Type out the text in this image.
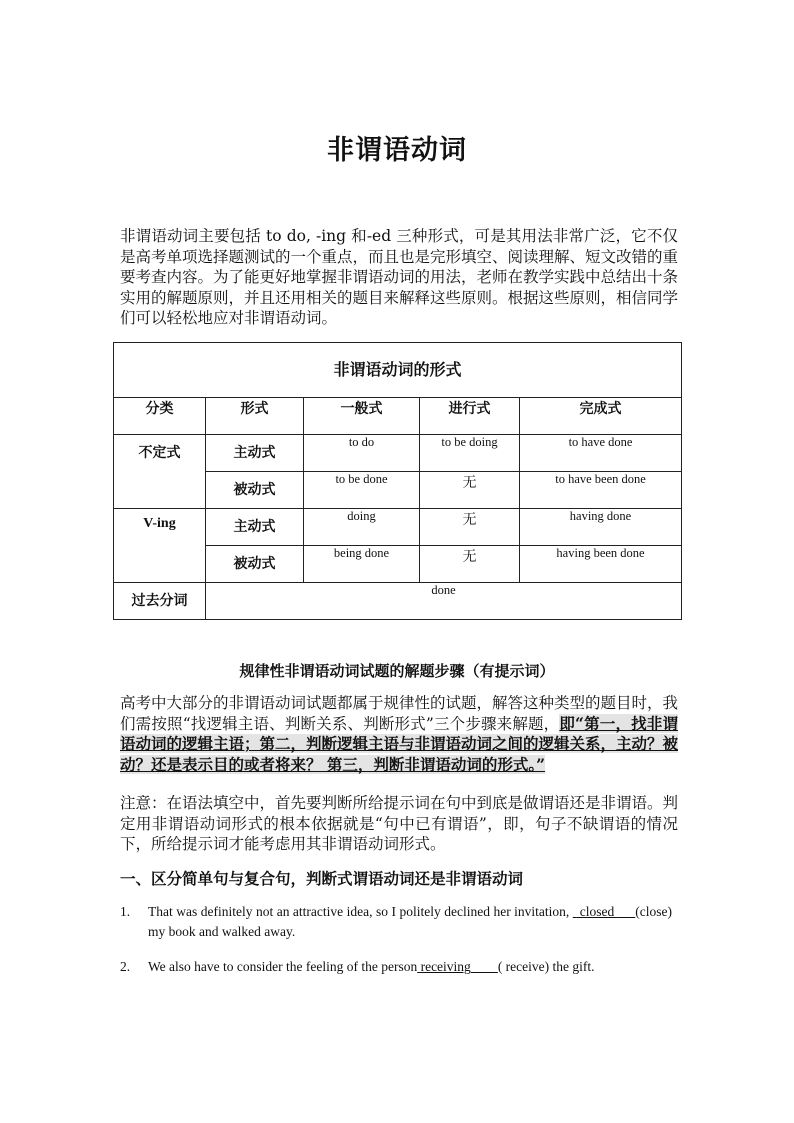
非谓语动词

非谓语动词主要包括 to do, -ing 和-ed 三种形式，可是其用法非常广泛，它不仅是高考单项选择题测试的一个重点，而且也是完形填空、阅读理解、短文改错的重要考查内容。为了能更好地掌握非谓语动词的用法，老师在教学实践中总结出十条实用的解题原则，并且还用相关的题目来解释这些原则。根据这些原则，相信同学们可以轻松地应对非谓语动词。

非谓语动词的形式				

分类	形式	一般式	进行式	完成式
不定式	主动式	to do	to be doing	to have done
	被动式	to be done	无	to have been done
V-ing	主动式	doing	无	having done
	被动式	being done	无	having been done
过去分词	done			
规律性非谓语动词试题的解题步骤（有提示词）

高考中大部分的非谓语动词试题都属于规律性的试题，解答这种类型的题目时，我们需按照“找逻辑主语、判断关系、判断形式”三个步骤来解题，即“第一，找非谓语动词的逻辑主语；第二，判断逻辑主语与非谓语动词之间的逻辑关系，主动？被动？还是表示目的或者将来？ 第三，判断非谓语动词的形式。”

注意：在语法填空中，首先要判断所给提示词在句中到底是做谓语还是非谓语。判定用非谓语动词形式的根本依据就是“句中已有谓语”，即，句子不缺谓语的情况下，所给提示词才能考虑用其非谓语动词形式。

一、区分简单句与复合句，判断式谓语动词还是非谓语动词
1.	That was definitely not an attractive idea, so I politely declined her invitation,   closed      (close) my book and walked away.
2.	We also have to consider the feeling of the person receiving ( receive) the gift.
